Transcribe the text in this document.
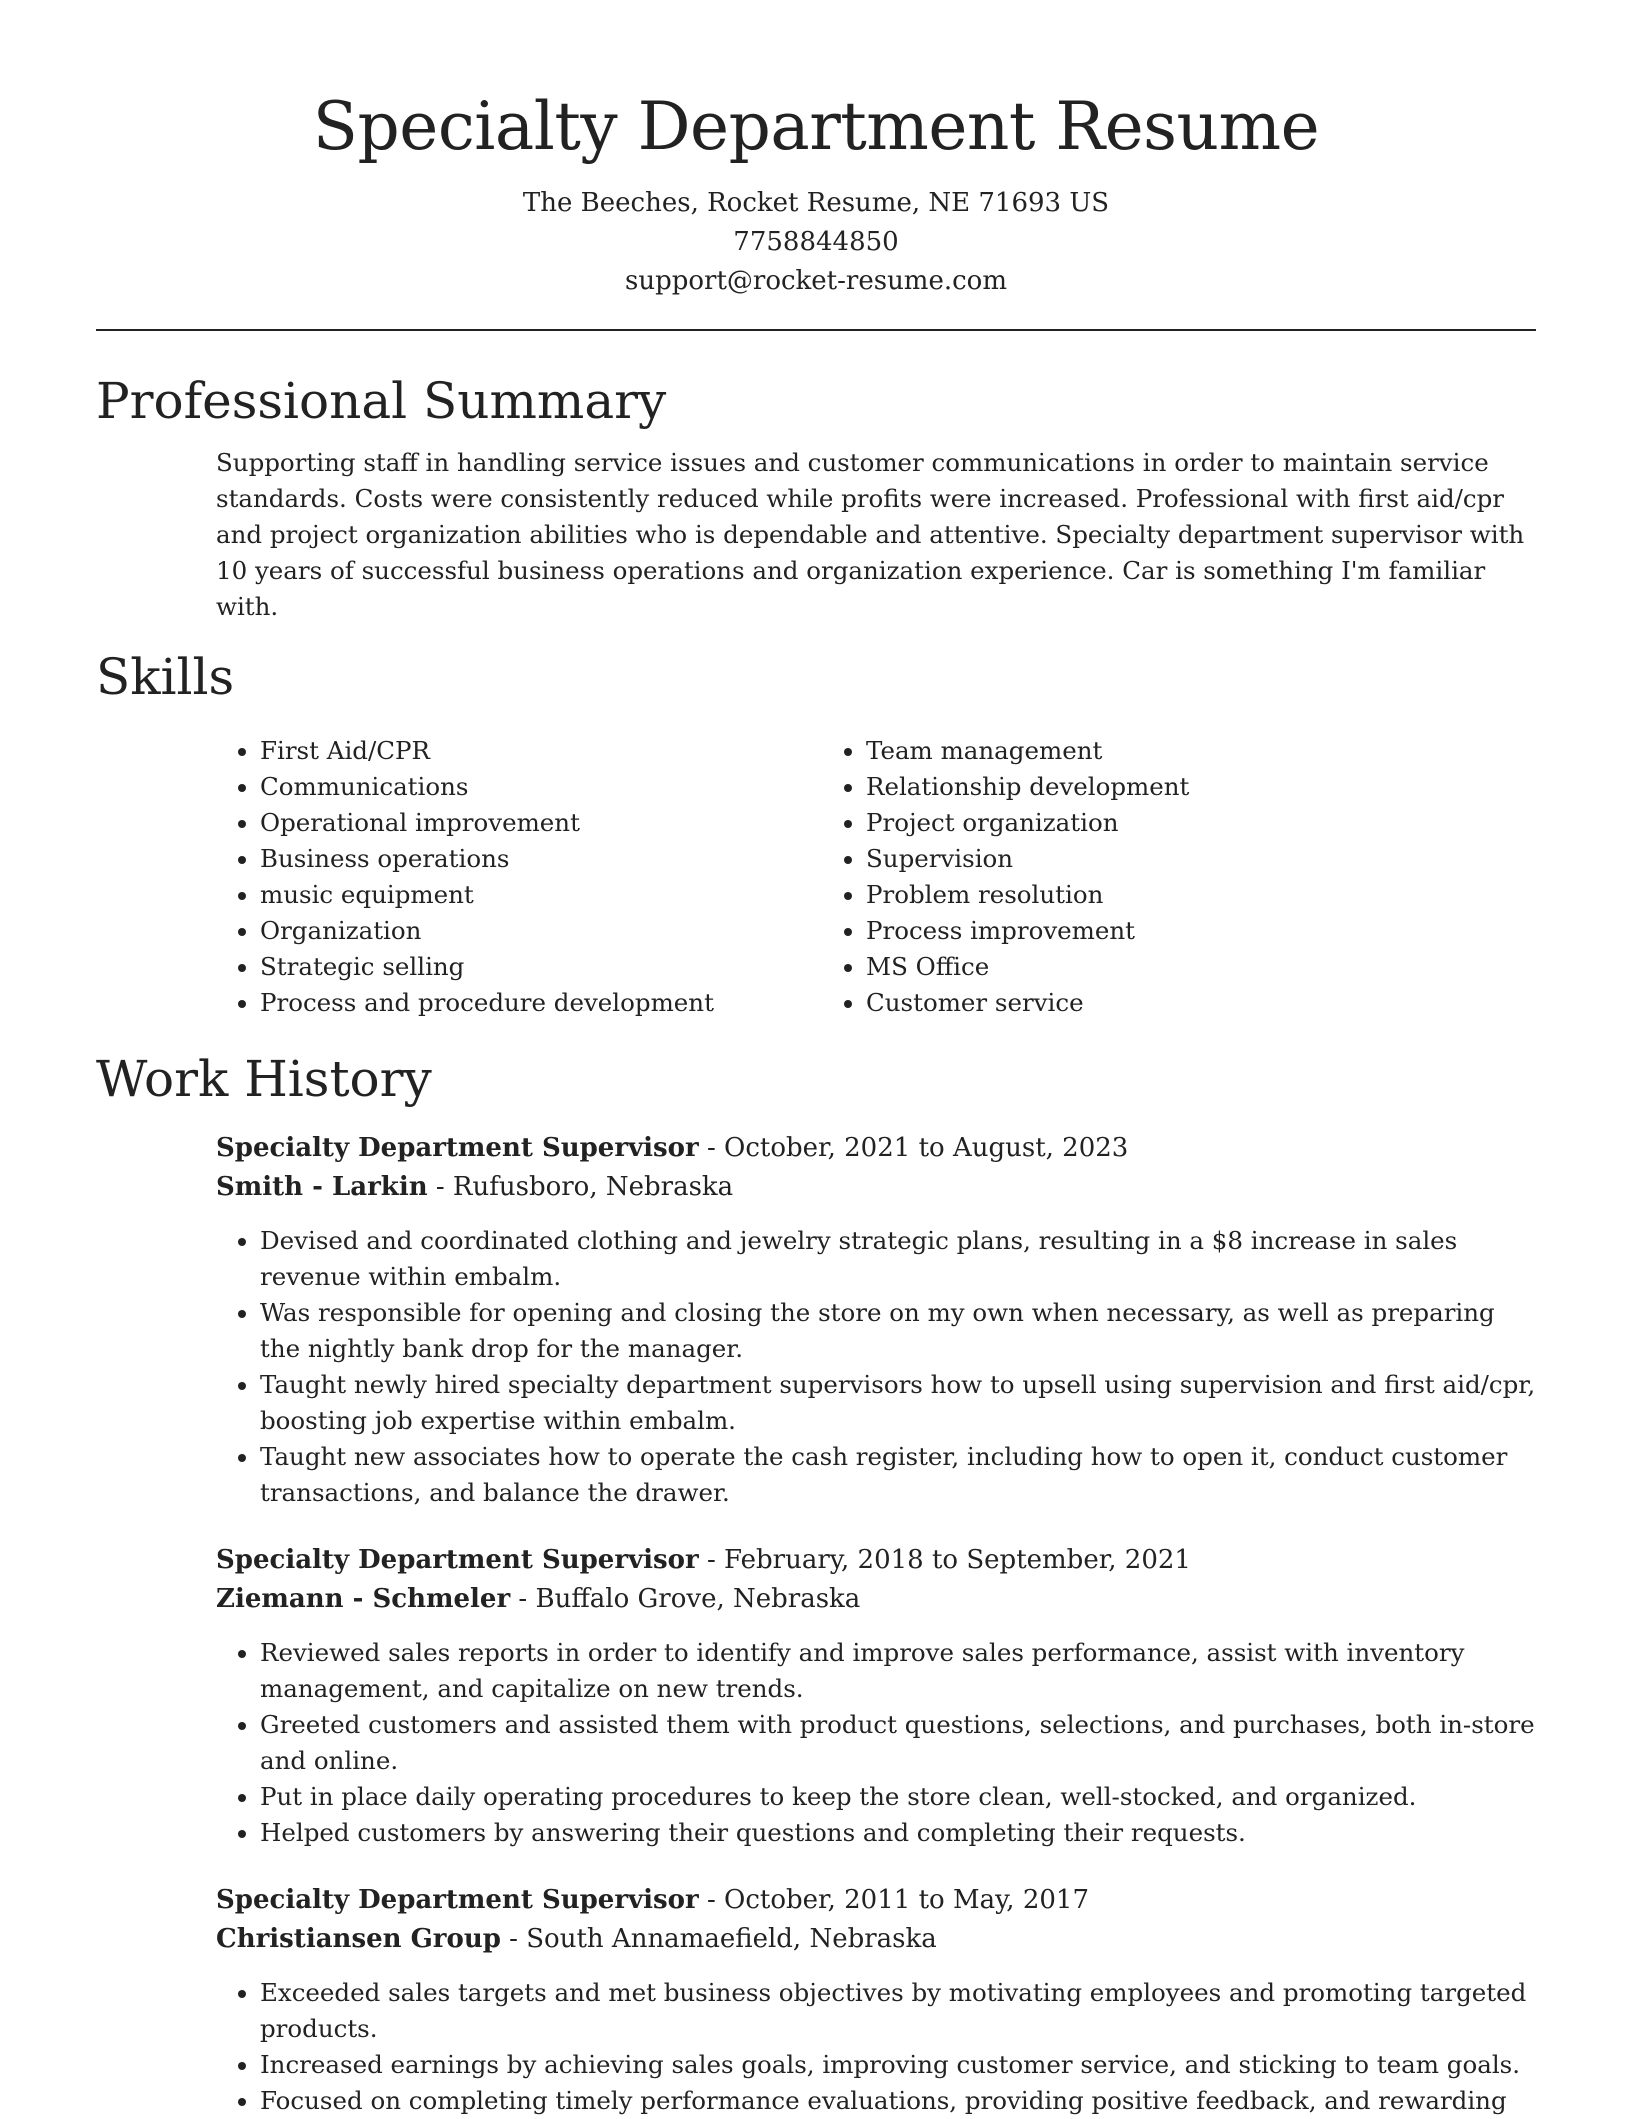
Specialty Department Resume
The Beeches, Rocket Resume, NE 71693 US
7758844850
support@rocket-resume.com
Professional Summary

Supporting staff in handling service issues and customer communications in order to maintain service standards. Costs were consistently reduced while profits were increased. Professional with first aid/cpr and project organization abilities who is dependable and attentive. Specialty department supervisor with 10 years of successful business operations and organization experience. Car is something I'm familiar with.

Skills
• First Aid/CPR
• Communications
• Operational improvement
• Business operations
• music equipment
• Organization
• Strategic selling
• Process and procedure development
• Team management
• Relationship development
• Project organization
• Supervision
• Problem resolution
• Process improvement
• MS Office
• Customer service
Work History
Specialty Department Supervisor - October, 2021 to August, 2023
Smith - Larkin - Rufusboro, Nebraska
• Devised and coordinated clothing and jewelry strategic plans, resulting in a $8 increase in sales revenue within embalm.
• Was responsible for opening and closing the store on my own when necessary, as well as preparing the nightly bank drop for the manager.
• Taught newly hired specialty department supervisors how to upsell using supervision and first aid/cpr, boosting job expertise within embalm.
• Taught new associates how to operate the cash register, including how to open it, conduct customer transactions, and balance the drawer.
Specialty Department Supervisor - February, 2018 to September, 2021
Ziemann - Schmeler - Buffalo Grove, Nebraska
• Reviewed sales reports in order to identify and improve sales performance, assist with inventory management, and capitalize on new trends.
• Greeted customers and assisted them with product questions, selections, and purchases, both in-store and online.
• Put in place daily operating procedures to keep the store clean, well-stocked, and organized.
• Helped customers by answering their questions and completing their requests.
Specialty Department Supervisor - October, 2011 to May, 2017
Christiansen Group - South Annamaefield, Nebraska
• Exceeded sales targets and met business objectives by motivating employees and promoting targeted products.
• Increased earnings by achieving sales goals, improving customer service, and sticking to team goals.
• Focused on completing timely performance evaluations, providing positive feedback, and rewarding
